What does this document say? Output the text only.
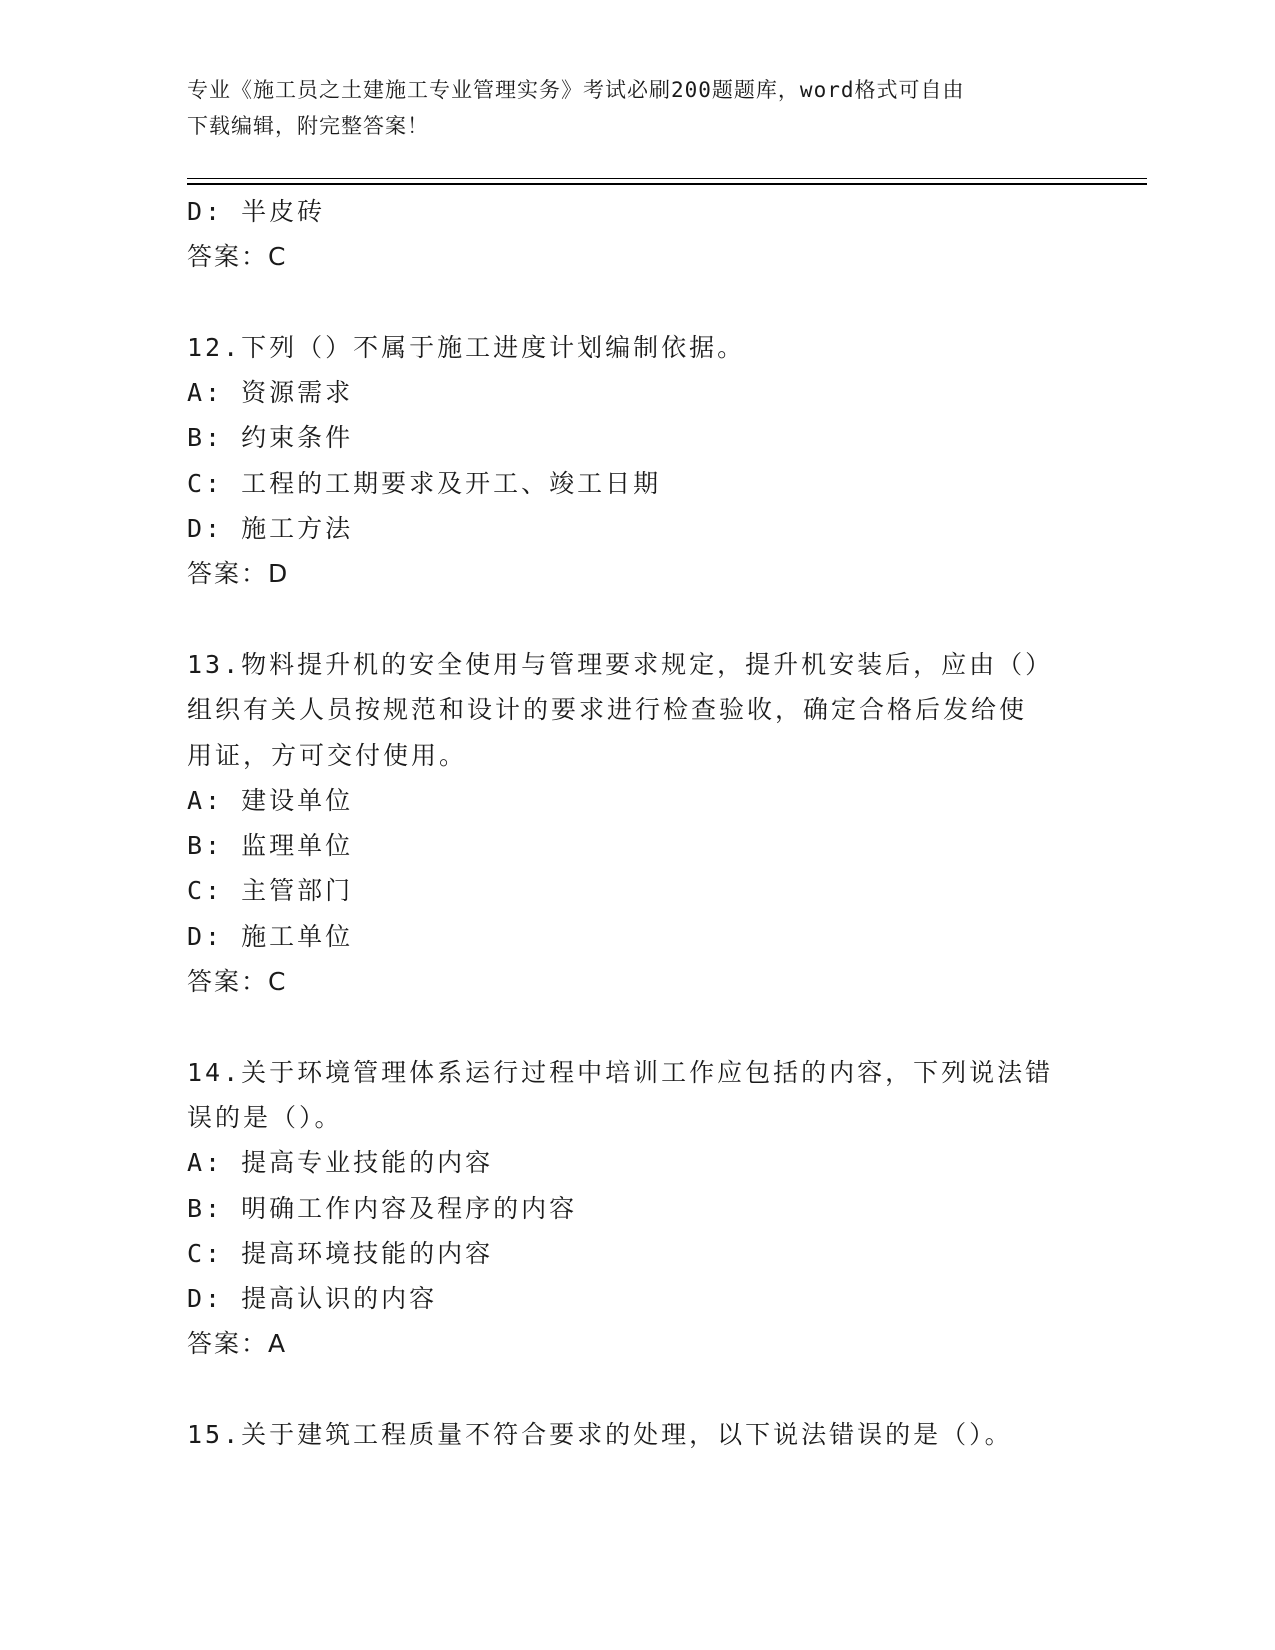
专业《施工员之土建施工专业管理实务》考试必刷200题题库，word格式可自由
下载编辑，附完整答案！
D: 半皮砖
答案：C
12.下列（）不属于施工进度计划编制依据。
A: 资源需求
B: 约束条件
C: 工程的工期要求及开工、竣工日期
D: 施工方法
答案：D
13.物料提升机的安全使用与管理要求规定，提升机安装后，应由（）
组织有关人员按规范和设计的要求进行检查验收，确定合格后发给使
用证，方可交付使用。
A: 建设单位
B: 监理单位
C: 主管部门
D: 施工单位
答案：C
14.关于环境管理体系运行过程中培训工作应包括的内容，下列说法错
误的是（）。
A: 提高专业技能的内容
B: 明确工作内容及程序的内容
C: 提高环境技能的内容
D: 提高认识的内容
答案：A
15.关于建筑工程质量不符合要求的处理，以下说法错误的是（）。
